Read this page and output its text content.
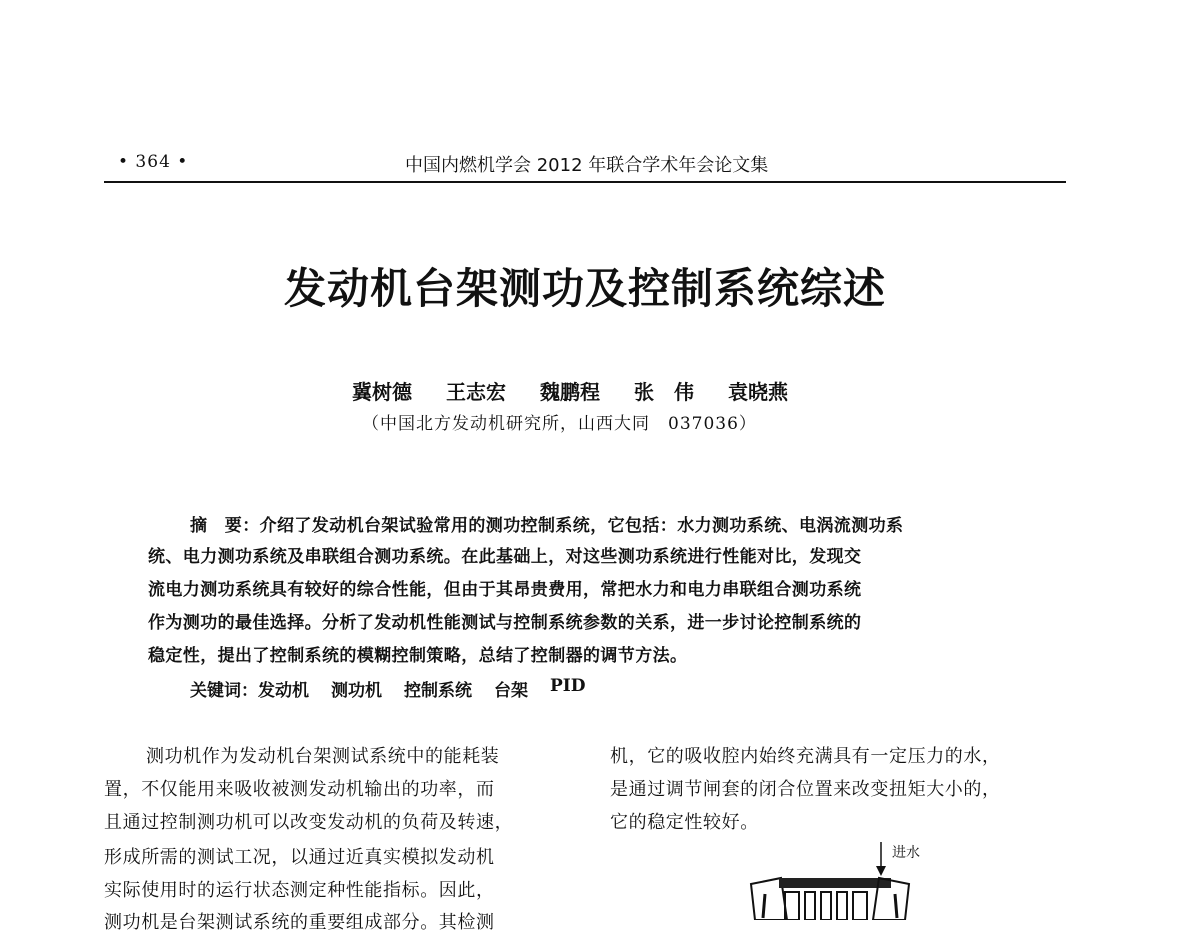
• 364 •	中国内燃机学会 2012 年联合学术年会论文集
发动机台架测功及控制系统综述
冀树德 王志宏 魏鹏程 张　伟 袁晓燕
（中国北方发动机研究所，山西大同　037036）
摘　要：介绍了发动机台架试验常用的测功控制系统，它包括：水力测功系统、电涡流测功系
统、电力测功系统及串联组合测功系统。在此基础上，对这些测功系统进行性能对比，发现交
流电力测功系统具有较好的综合性能，但由于其昂贵费用，常把水力和电力串联组合测功系统
作为测功的最佳选择。分析了发动机性能测试与控制系统参数的关系，进一步讨论控制系统的
稳定性，提出了控制系统的模糊控制策略，总结了控制器的调节方法。
关键词： 发动机 测功机 控制系统 台架 PID
测功机作为发动机台架测试系统中的能耗装
置，不仅能用来吸收被测发动机输出的功率，而
且通过控制测功机可以改变发动机的负荷及转速，
形成所需的测试工况，以通过近真实模拟发动机
实际使用时的运行状态测定种性能指标。因此，
测功机是台架测试系统的重要组成部分。其检测
机，它的吸收腔内始终充满具有一定压力的水，
是通过调节闸套的闭合位置来改变扭矩大小的，
它的稳定性较好。
进水
